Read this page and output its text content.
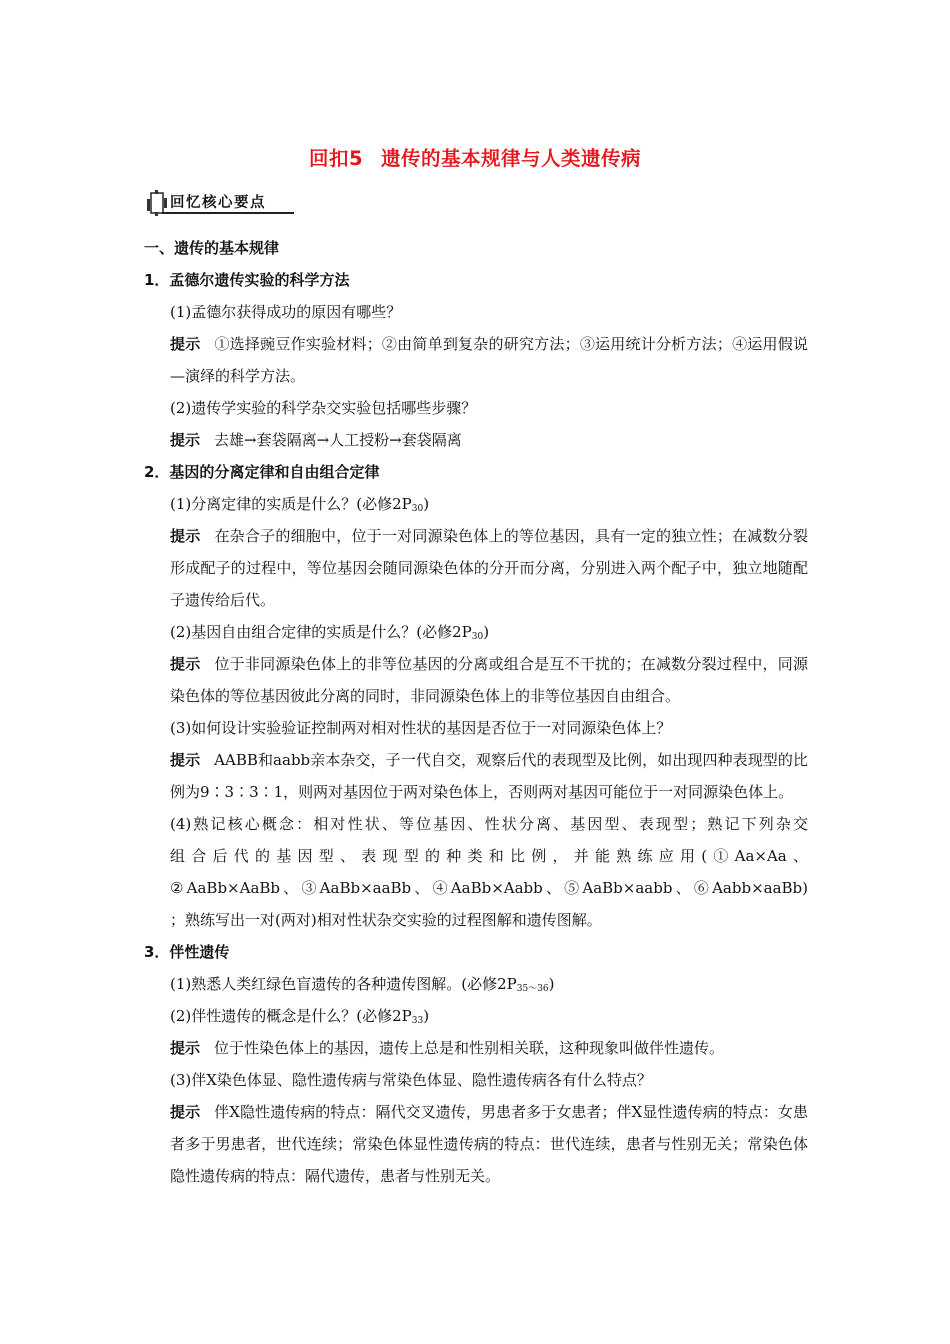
回扣5 遗传的基本规律与人类遗传病
回忆核心要点

一、遗传的基本规律

1．孟德尔遗传实验的科学方法

(1)孟德尔获得成功的原因有哪些？

提示 ①选择豌豆作实验材料；②由简单到复杂的研究方法；③运用统计分析方法；④运用假说—演绎的科学方法。

(2)遗传学实验的科学杂交实验包括哪些步骤？

提示 去雄→套袋隔离→人工授粉→套袋隔离

2．基因的分离定律和自由组合定律

(1)分离定律的实质是什么？(必修$2P_{30}$)

提示 在杂合子的细胞中，位于一对同源染色体上的等位基因，具有一定的独立性；在减数分裂形成配子的过程中，等位基因会随同源染色体的分开而分离，分别进入两个配子中，独立地随配子遗传给后代。

(2)基因自由组合定律的实质是什么？(必修$2P_{30}$)

提示 位于非同源染色体上的非等位基因的分离或组合是互不干扰的；在减数分裂过程中，同源染色体的等位基因彼此分离的同时，非同源染色体上的非等位基因自由组合。

(3)如何设计实验验证控制两对相对性状的基因是否位于一对同源染色体上？

提示 AABB和aabb亲本杂交，子一代自交，观察后代的表现型及比例，如出现四种表现型的比例为9∶3∶3∶1，则两对基因位于两对染色体上，否则两对基因可能位于一对同源染色体上。

(4)熟记核心概念：相对性状、等位基因、性状分离、基因型、表现型；熟记下列杂交

组合后代的基因型、表现型的种类和比例，并能熟练应用(①Aa×Aa、

②AaBb×AaBb、③AaBb×aaBb、④AaBb×Aabb、⑤AaBb×aabb、⑥Aabb×aaBb)

；熟练写出一对(两对)相对性状杂交实验的过程图解和遗传图解。

3．伴性遗传

(1)熟悉人类红绿色盲遗传的各种遗传图解。(必修$2P_{35\sim 36}$)

(2)伴性遗传的概念是什么？(必修$2P_{33}$)

提示 位于性染色体上的基因，遗传上总是和性别相关联，这种现象叫做伴性遗传。

(3)伴X染色体显、隐性遗传病与常染色体显、隐性遗传病各有什么特点？

提示 伴X隐性遗传病的特点：隔代交叉遗传，男患者多于女患者；伴X显性遗传病的特点：女患者多于男患者，世代连续；常染色体显性遗传病的特点：世代连续，患者与性别无关；常染色体隐性遗传病的特点：隔代遗传，患者与性别无关。
